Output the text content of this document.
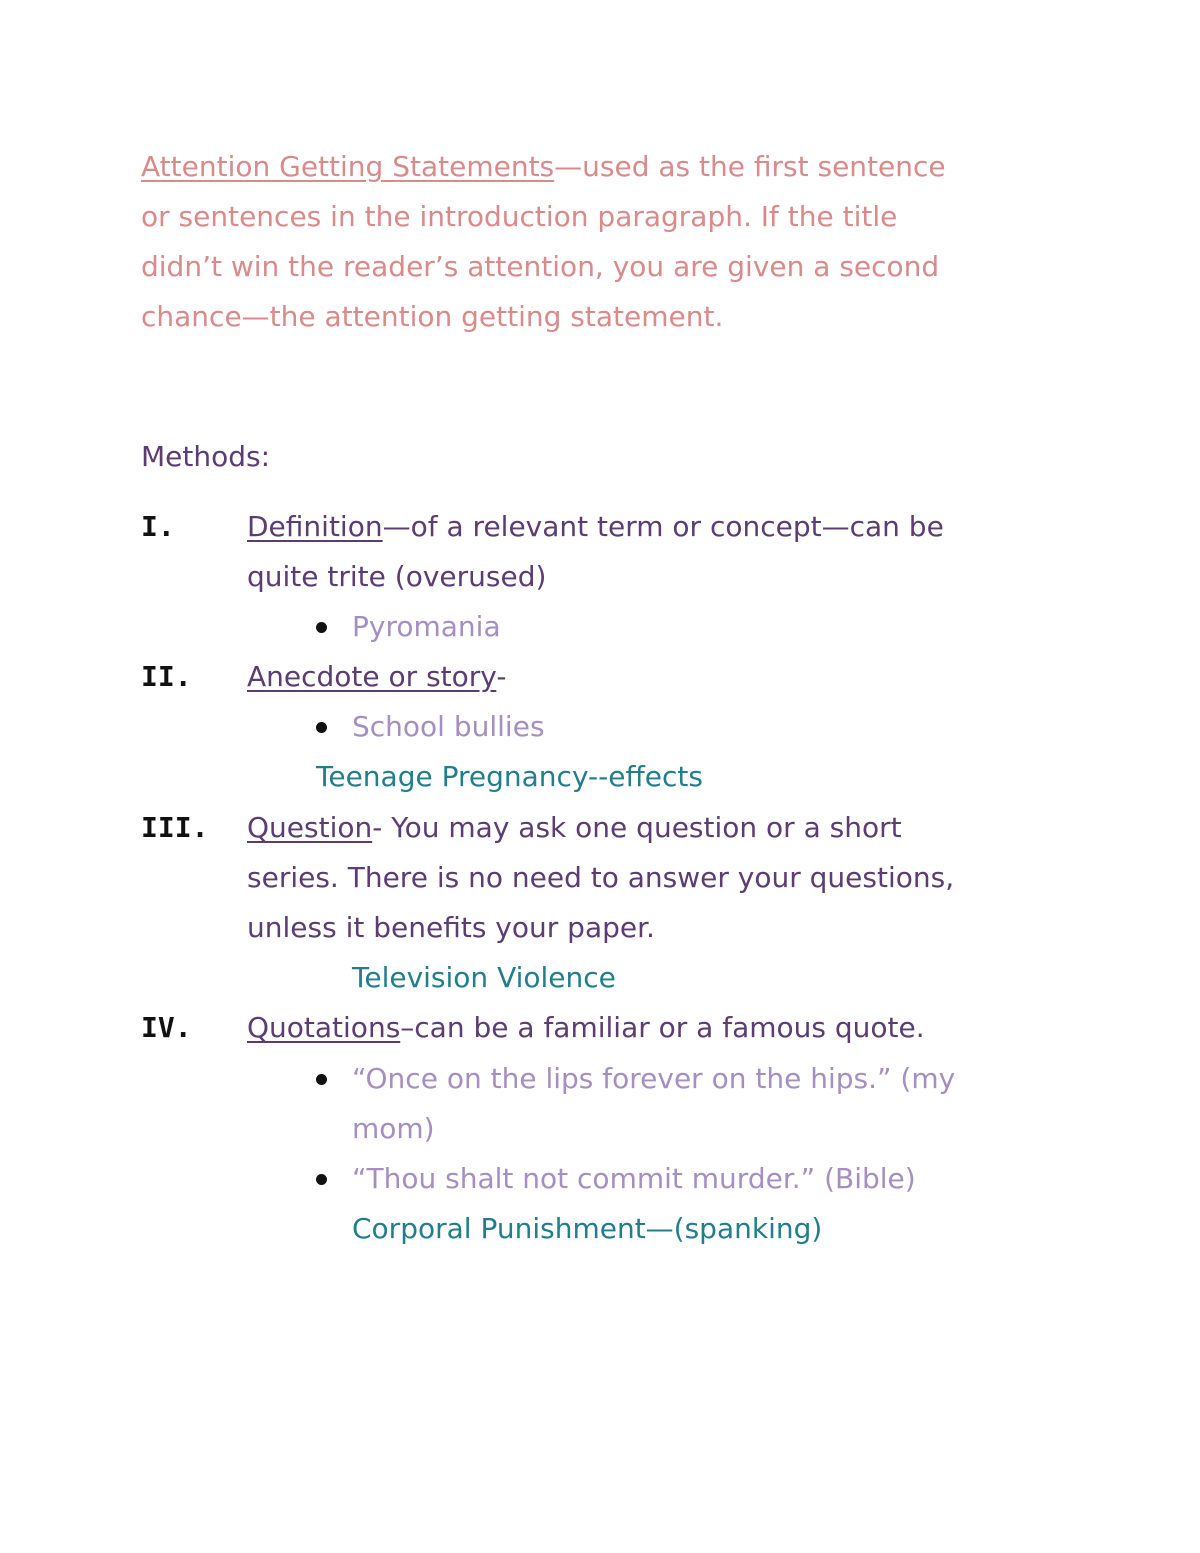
Attention Getting Statements—used as the first sentence
or sentences in the introduction paragraph. If the title
didn’t win the reader’s attention, you are given a second
chance—the attention getting statement.
Methods:
I.	Definition—of a relevant term or concept—can be
quite trite (overused)
Pyromania
II. Anecdote or story-
School bullies
Teenage Pregnancy--effects
III. Question- You may ask one question or a short
series. There is no need to answer your questions,
unless it benefits your paper.
Television Violence
IV. Quotations–can be a familiar or a famous quote.
“Once on the lips forever on the hips.” (my
mom)
“Thou shalt not commit murder.” (Bible)
Corporal Punishment—(spanking)
